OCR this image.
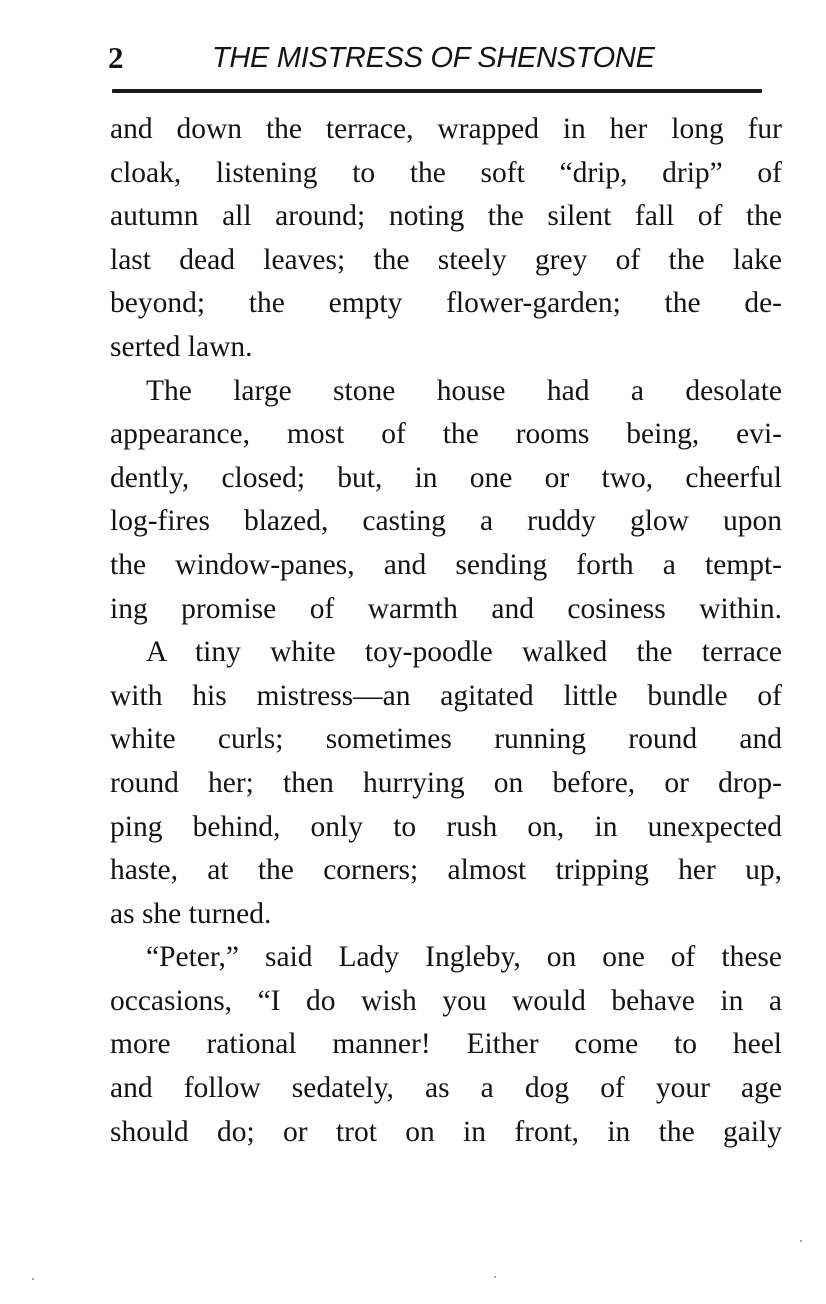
2	THE MISTRESS OF SHENSTONE
and down the terrace, wrapped in her long fur
cloak, listening to the soft “drip, drip” of
autumn all around; noting the silent fall of the
last dead leaves; the steely grey of the lake
beyond; the empty flower-garden; the de-
serted lawn.
The large stone house had a desolate
appearance, most of the rooms being, evi-
dently, closed; but, in one or two, cheerful
log-fires blazed, casting a ruddy glow upon
the window-panes, and sending forth a tempt-
ing promise of warmth and cosiness within.
A tiny white toy-poodle walked the terrace
with his mistress—an agitated little bundle of
white curls; sometimes running round and
round her; then hurrying on before, or drop-
ping behind, only to rush on, in unexpected
haste, at the corners; almost tripping her up,
as she turned.
“Peter,” said Lady Ingleby, on one of these
occasions, “I do wish you would behave in a
more rational manner! Either come to heel
and follow sedately, as a dog of your age
should do; or trot on in front, in the gaily
